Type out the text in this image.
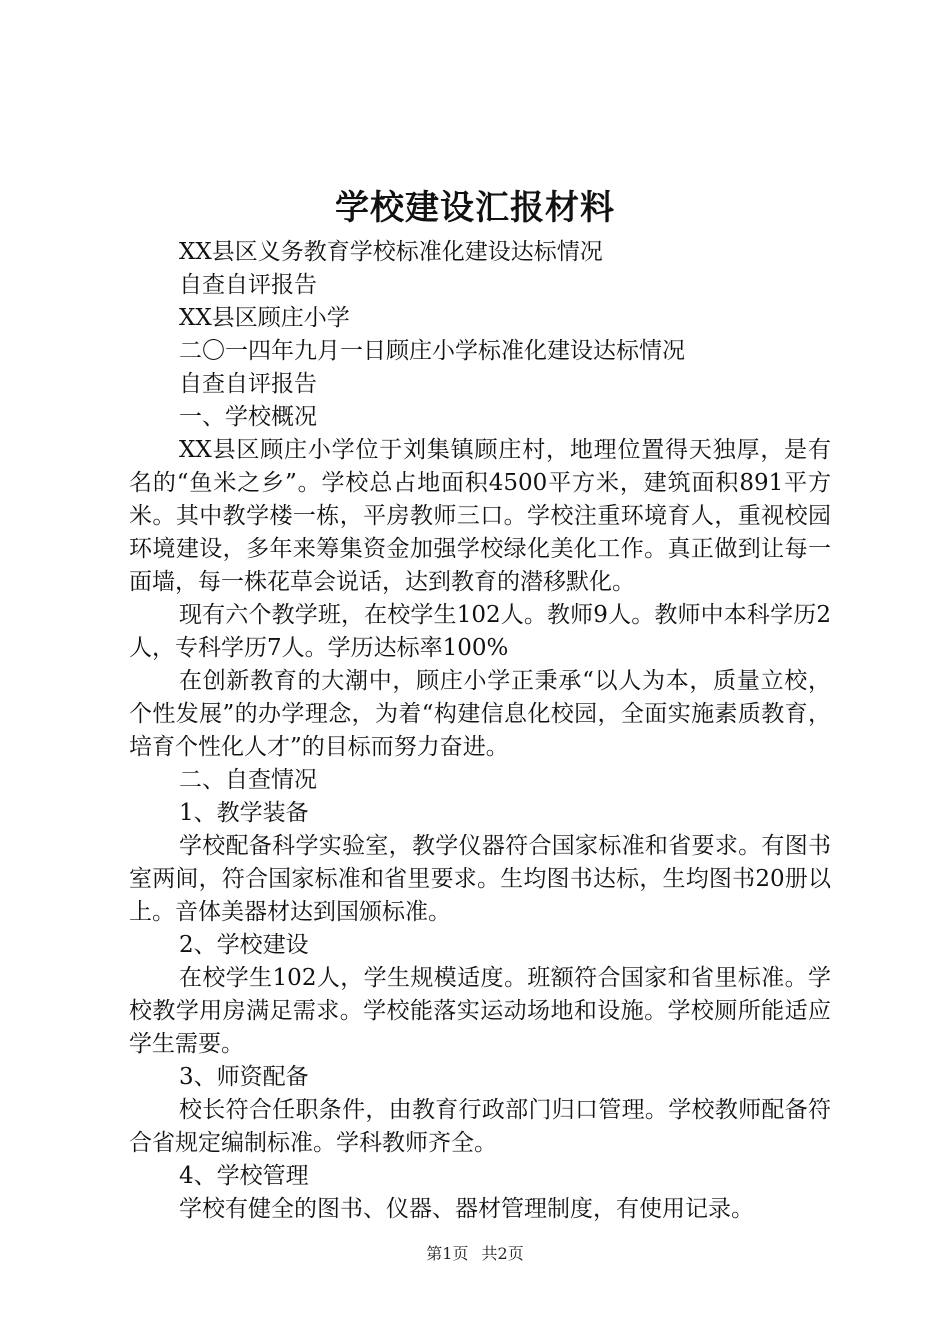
学校建设汇报材料

XX县区义务教育学校标准化建设达标情况

自查自评报告

XX县区顾庄小学

二〇一四年九月一日顾庄小学标准化建设达标情况

自查自评报告

一、学校概况

XX县区顾庄小学位于刘集镇顾庄村，地理位置得天独厚，是有名的“鱼米之乡”。学校总占地面积4500平方米，建筑面积891平方米。其中教学楼一栋，平房教师三口。学校注重环境育人，重视校园环境建设，多年来筹集资金加强学校绿化美化工作。真正做到让每一面墙，每一株花草会说话，达到教育的潜移默化。

现有六个教学班，在校学生102人。教师9人。教师中本科学历2人，专科学历7人。学历达标率100%

在创新教育的大潮中，顾庄小学正秉承“以人为本，质量立校，个性发展”的办学理念，为着“构建信息化校园，全面实施素质教育，培育个性化人才”的目标而努力奋进。

二、自查情况

1、教学装备

学校配备科学实验室，教学仪器符合国家标准和省要求。有图书室两间，符合国家标准和省里要求。生均图书达标，生均图书20册以上。音体美器材达到国颁标准。

2、学校建设

在校学生102人，学生规模适度。班额符合国家和省里标准。学校教学用房满足需求。学校能落实运动场地和设施。学校厕所能适应学生需要。

3、师资配备

校长符合任职条件，由教育行政部门归口管理。学校教师配备符合省规定编制标准。学科教师齐全。

4、学校管理

学校有健全的图书、仪器、器材管理制度，有使用记录。

第1页 共2页
